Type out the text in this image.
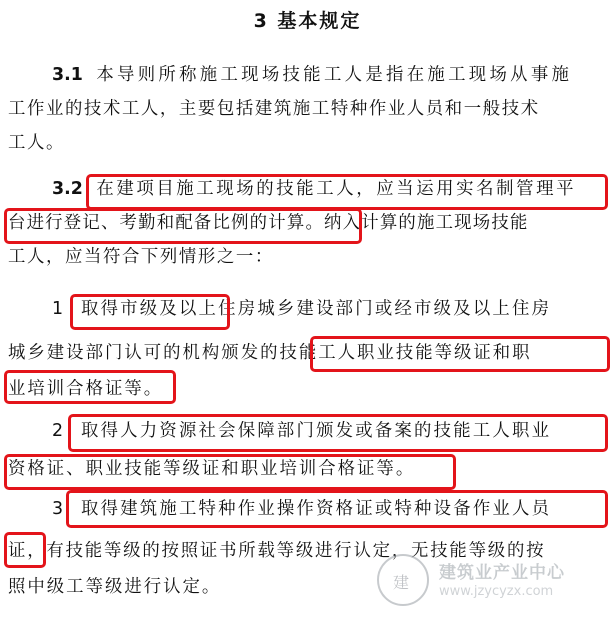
3 基本规定
3.1 本导则所称施工现场技能工人是指在施工现场从事施
工作业的技术工人，主要包括建筑施工特种作业人员和一般技术
工人。
3.2 在建项目施工现场的技能工人，应当运用实名制管理平
台进行登记、考勤和配备比例的计算。纳入计算的施工现场技能
工人，应当符合下列情形之一：
1 取得市级及以上住房城乡建设部门或经市级及以上住房
城乡建设部门认可的机构颁发的技能工人职业技能等级证和职
业培训合格证等。
2 取得人力资源社会保障部门颁发或备案的技能工人职业
资格证、职业技能等级证和职业培训合格证等。
3 取得建筑施工特种作业操作资格证或特种设备作业人员
证，有技能等级的按照证书所载等级进行认定，无技能等级的按
照中级工等级进行认定。	建 建筑业产业中心
www.jzycyzx.com
